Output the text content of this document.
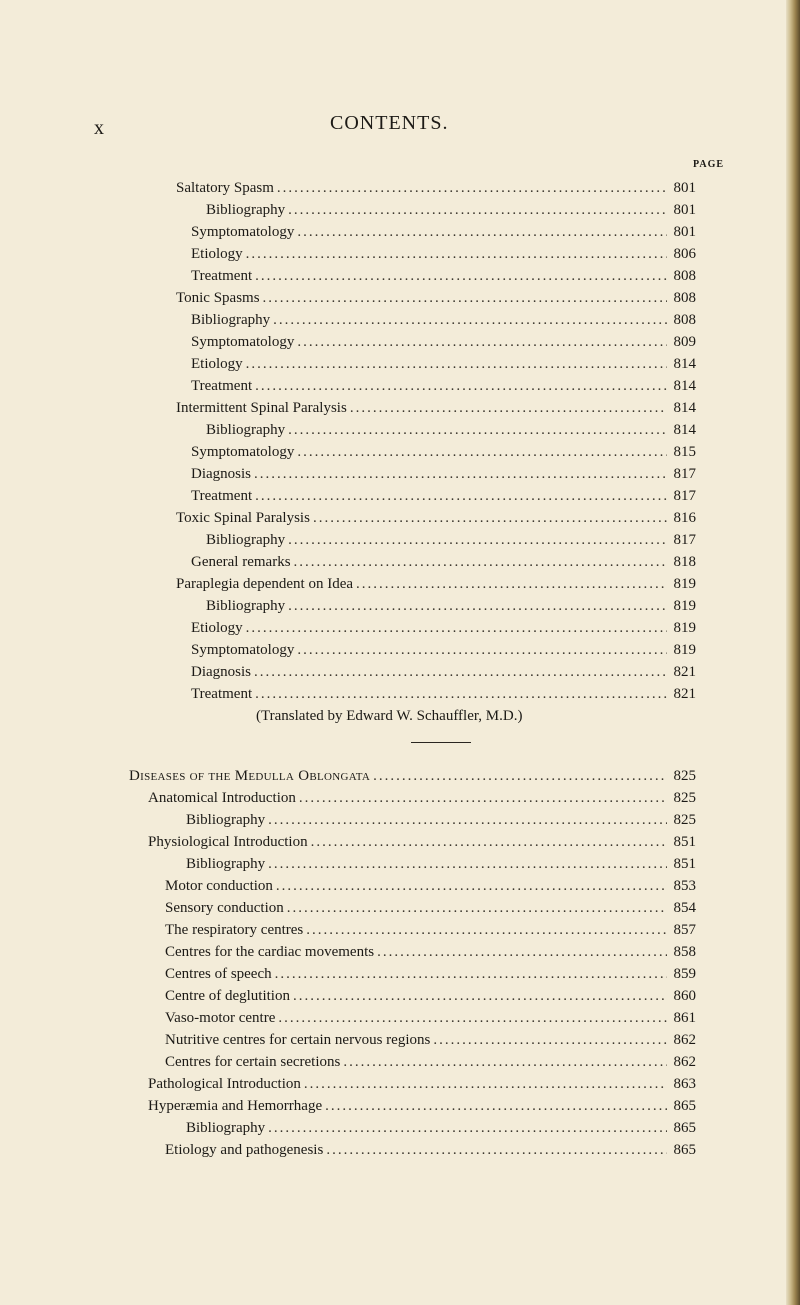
x	CONTENTS.
PAGE
Saltatory Spasm .....	801
Bibliography .....	801
Symptomatology .....	801
Etiology .....	806
Treatment .....	808
Tonic Spasms .....	808
Bibliography .....	808
Symptomatology .....	809
Etiology .....	814
Treatment .....	814
Intermittent Spinal Paralysis .....	814
Bibliography .....	814
Symptomatology .....	815
Diagnosis .....	817
Treatment .....	817
Toxic Spinal Paralysis .....	816
Bibliography .....	817
General remarks .....	818
Paraplegia dependent on Idea .....	819
Bibliography .....	819
Etiology .....	819
Symptomatology .....	819
Diagnosis .....	821
Treatment .....	821
(Translated by Edward W. Schauffler, M.D.)
Diseases of the Medulla Oblongata .....	825
Anatomical Introduction .....	825
Bibliography .....	825
Physiological Introduction .....	851
Bibliography .....	851
Motor conduction .....	853
Sensory conduction .....	854
The respiratory centres .....	857
Centres for the cardiac movements .....	858
Centres of speech .....	859
Centre of deglutition .....	860
Vaso-motor centre .....	861
Nutritive centres for certain nervous regions .....	862
Centres for certain secretions .....	862
Pathological Introduction .....	863
Hyperæmia and Hemorrhage .....	865
Bibliography .....	865
Etiology and pathogenesis .....	865
